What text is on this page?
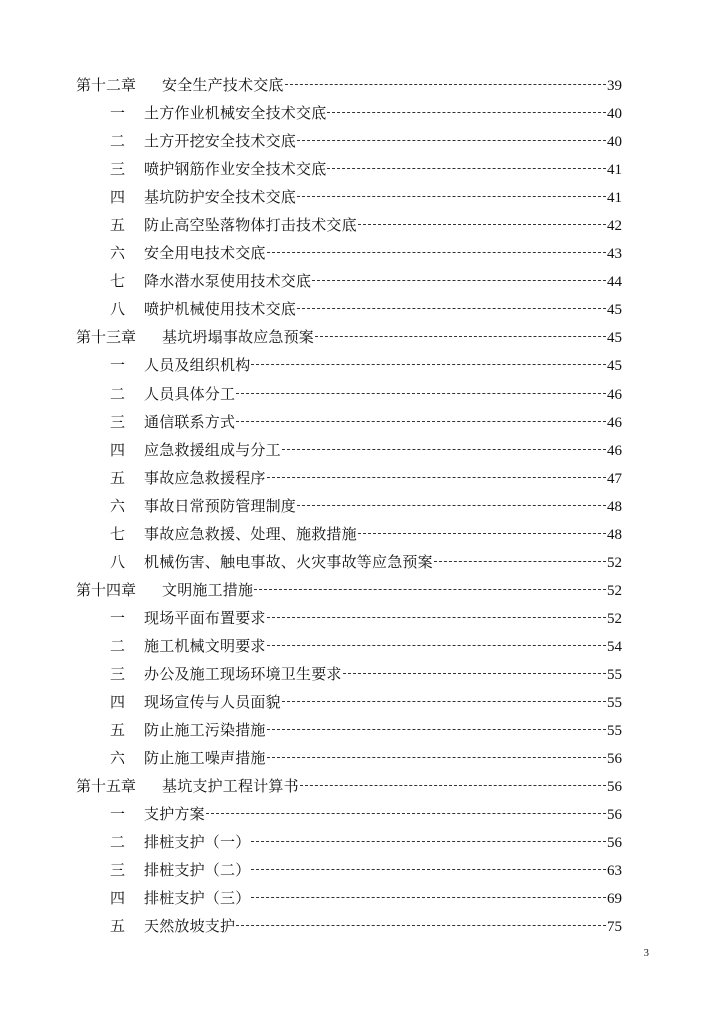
第十二章	安全生产技术交底	39
一	土方作业机械安全技术交底	40
二	土方开挖安全技术交底	40
三	喷护钢筋作业安全技术交底	41
四	基坑防护安全技术交底	41
五	防止高空坠落物体打击技术交底	42
六	安全用电技术交底	43
七	降水潜水泵使用技术交底	44
八	喷护机械使用技术交底	45
第十三章	基坑坍塌事故应急预案	45
一	人员及组织机构	45
二	人员具体分工	46
三	通信联系方式	46
四	应急救援组成与分工	46
五	事故应急救援程序	47
六	事故日常预防管理制度	48
七	事故应急救援、处理、施救措施	48
八	机械伤害、触电事故、火灾事故等应急预案	52
第十四章	文明施工措施	52
一	现场平面布置要求	52
二	施工机械文明要求	54
三	办公及施工现场环境卫生要求	55
四	现场宣传与人员面貌	55
五	防止施工污染措施	55
六	防止施工噪声措施	56
第十五章	基坑支护工程计算书	56
一	支护方案	56
二	排桩支护（一）	56
三	排桩支护（二）	63
四	排桩支护（三）	69
五	天然放坡支护	75
3
